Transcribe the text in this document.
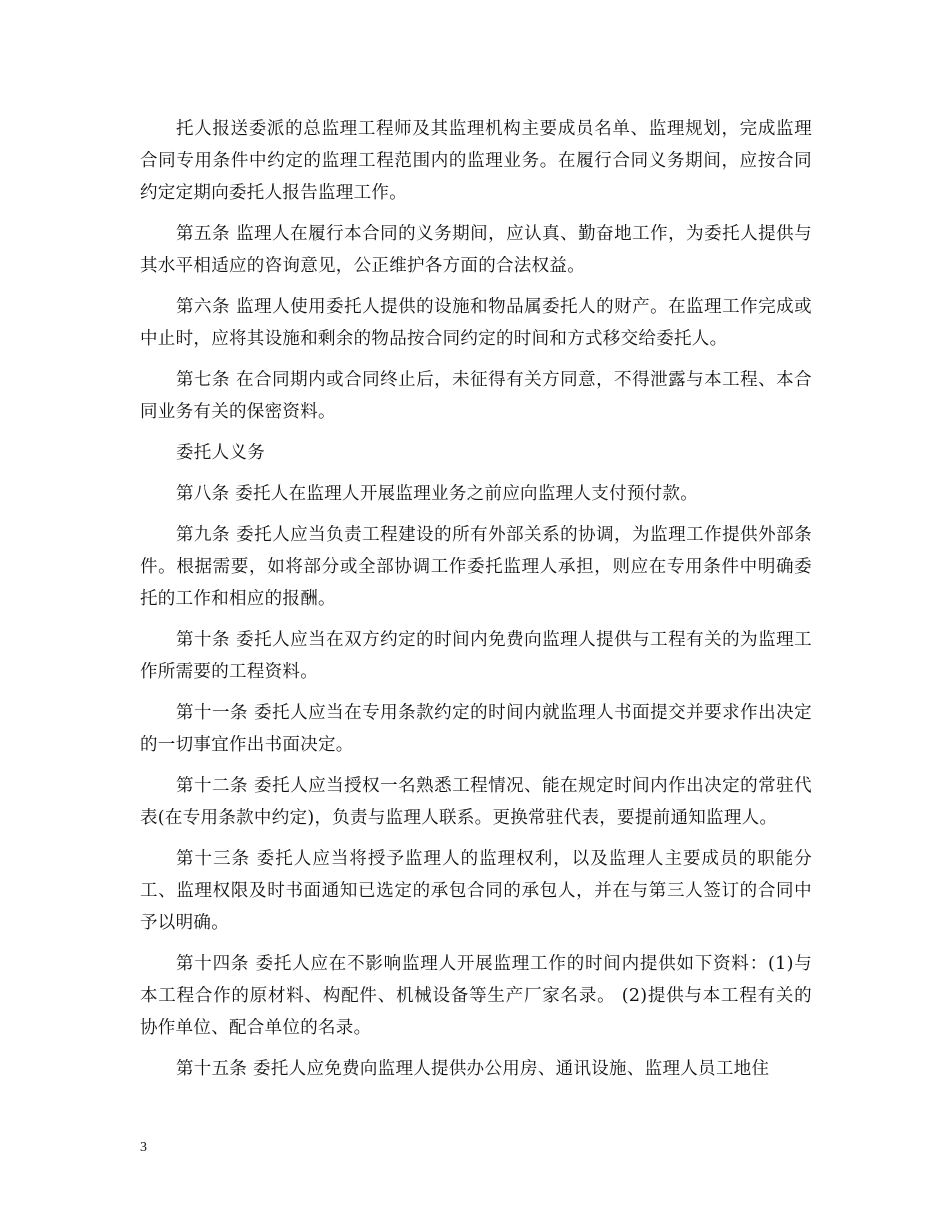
托人报送委派的总监理工程师及其监理机构主要成员名单、监理规划，完成监理合同专用条件中约定的监理工程范围内的监理业务。在履行合同义务期间，应按合同约定定期向委托人报告监理工作。

第五条 监理人在履行本合同的义务期间，应认真、勤奋地工作，为委托人提供与其水平相适应的咨询意见，公正维护各方面的合法权益。

第六条 监理人使用委托人提供的设施和物品属委托人的财产。在监理工作完成或中止时，应将其设施和剩余的物品按合同约定的时间和方式移交给委托人。

第七条 在合同期内或合同终止后，未征得有关方同意，不得泄露与本工程、本合同业务有关的保密资料。

委托人义务

第八条 委托人在监理人开展监理业务之前应向监理人支付预付款。

第九条 委托人应当负责工程建设的所有外部关系的协调，为监理工作提供外部条件。根据需要，如将部分或全部协调工作委托监理人承担，则应在专用条件中明确委托的工作和相应的报酬。

第十条 委托人应当在双方约定的时间内免费向监理人提供与工程有关的为监理工作所需要的工程资料。

第十一条 委托人应当在专用条款约定的时间内就监理人书面提交并要求作出决定的一切事宜作出书面决定。

第十二条 委托人应当授权一名熟悉工程情况、能在规定时间内作出决定的常驻代表(在专用条款中约定)，负责与监理人联系。更换常驻代表，要提前通知监理人。

第十三条 委托人应当将授予监理人的监理权利，以及监理人主要成员的职能分工、监理权限及时书面通知已选定的承包合同的承包人，并在与第三人签订的合同中予以明确。

第十四条 委托人应在不影响监理人开展监理工作的时间内提供如下资料：(1)与本工程合作的原材料、构配件、机械设备等生产厂家名录。 (2)提供与本工程有关的协作单位、配合单位的名录。

第十五条 委托人应免费向监理人提供办公用房、通讯设施、监理人员工地住

3
